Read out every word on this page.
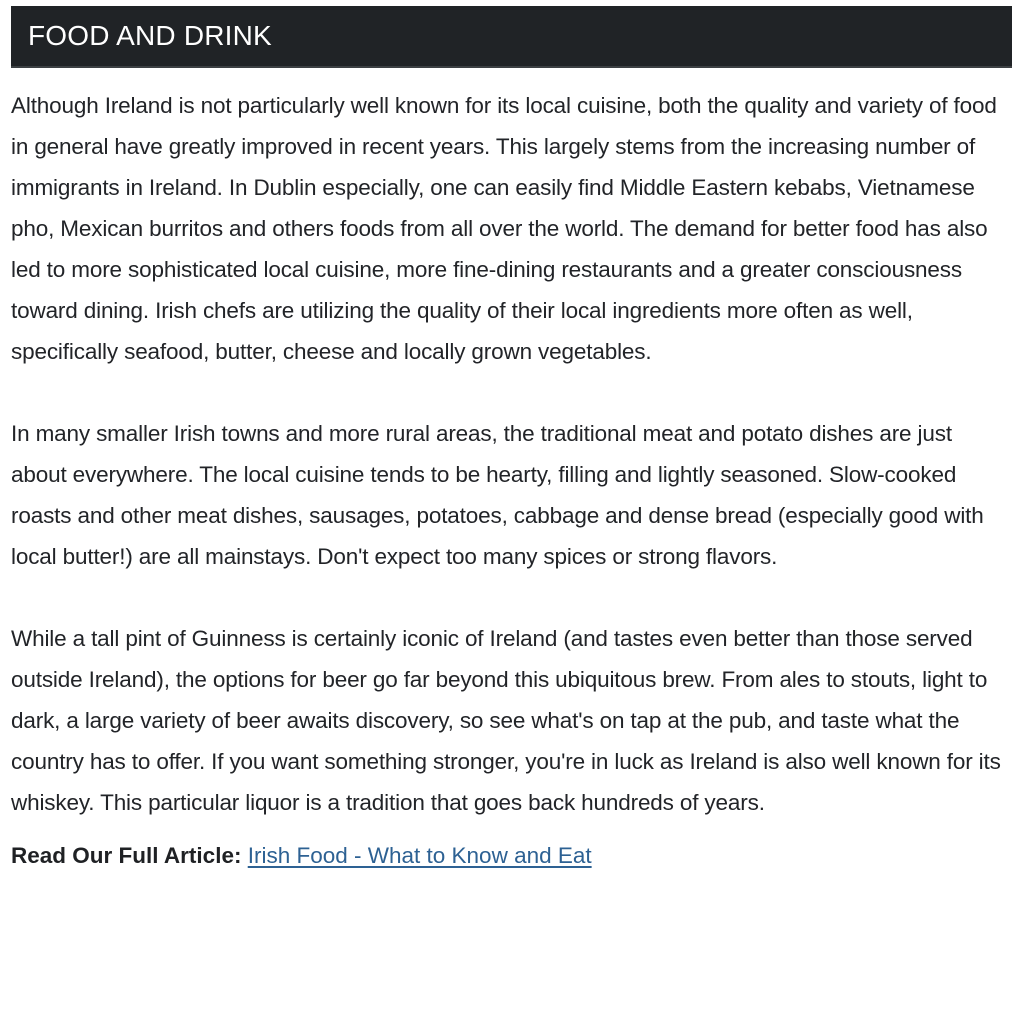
FOOD AND DRINK

Although Ireland is not particularly well known for its local cuisine, both the quality and variety of food in general have greatly improved in recent years. This largely stems from the increasing number of immigrants in Ireland. In Dublin especially, one can easily find Middle Eastern kebabs, Vietnamese pho, Mexican burritos and others foods from all over the world. The demand for better food has also led to more sophisticated local cuisine, more fine-dining restaurants and a greater consciousness toward dining. Irish chefs are utilizing the quality of their local ingredients more often as well, specifically seafood, butter, cheese and locally grown vegetables.

In many smaller Irish towns and more rural areas, the traditional meat and potato dishes are just about everywhere. The local cuisine tends to be hearty, filling and lightly seasoned. Slow-cooked roasts and other meat dishes, sausages, potatoes, cabbage and dense bread (especially good with local butter!) are all mainstays. Don't expect too many spices or strong flavors.

While a tall pint of Guinness is certainly iconic of Ireland (and tastes even better than those served outside Ireland), the options for beer go far beyond this ubiquitous brew. From ales to stouts, light to dark, a large variety of beer awaits discovery, so see what's on tap at the pub, and taste what the country has to offer. If you want something stronger, you're in luck as Ireland is also well known for its whiskey. This particular liquor is a tradition that goes back hundreds of years.

Read Our Full Article: Irish Food - What to Know and Eat
